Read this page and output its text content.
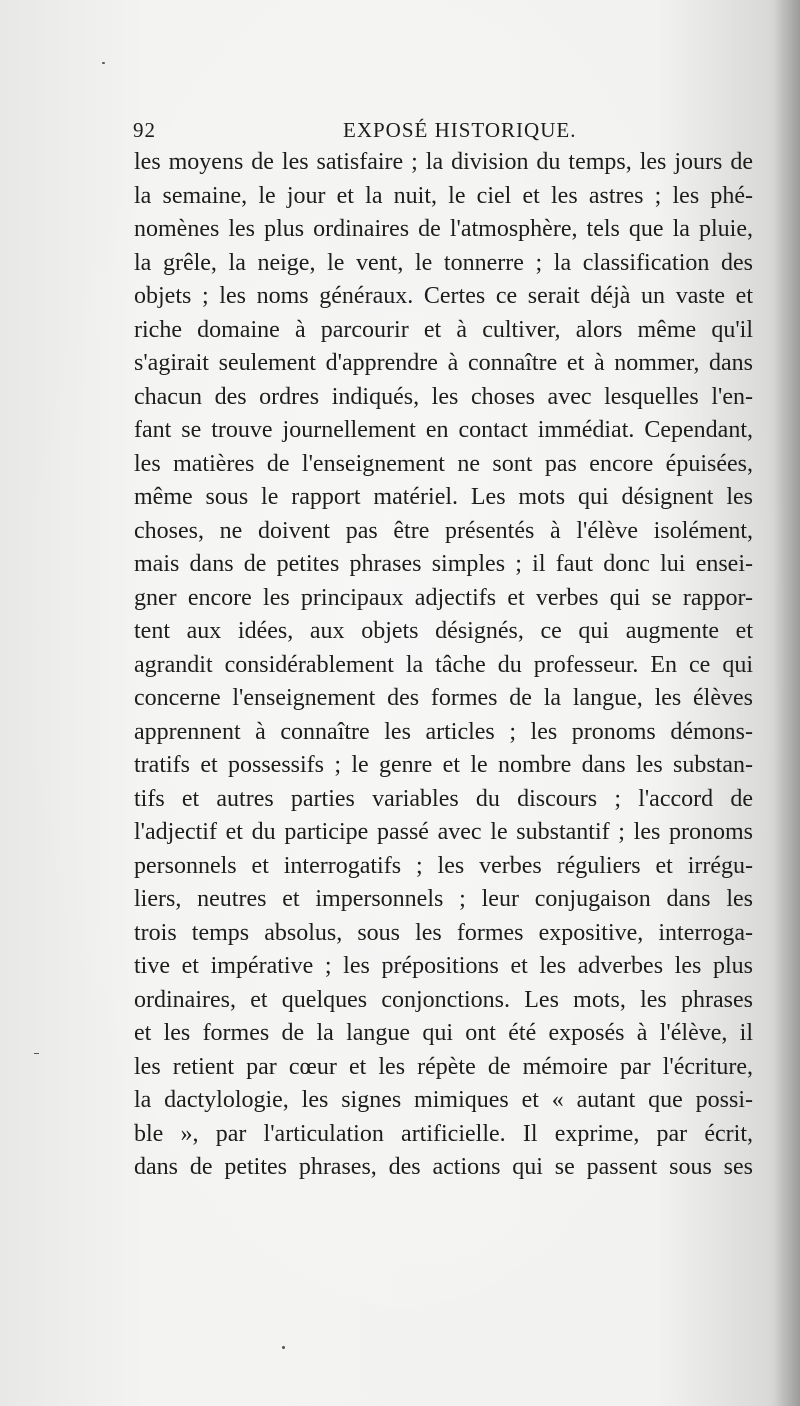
92	EXPOSÉ HISTORIQUE.
les moyens de les satisfaire ; la division du temps, les jours de
la semaine, le jour et la nuit, le ciel et les astres ; les phé-
nomènes les plus ordinaires de l'atmosphère, tels que la pluie,
la grêle, la neige, le vent, le tonnerre ; la classification des
objets ; les noms généraux. Certes ce serait déjà un vaste et
riche domaine à parcourir et à cultiver, alors même qu'il
s'agirait seulement d'apprendre à connaître et à nommer, dans
chacun des ordres indiqués, les choses avec lesquelles l'en-
fant se trouve journellement en contact immédiat. Cependant,
les matières de l'enseignement ne sont pas encore épuisées,
même sous le rapport matériel. Les mots qui désignent les
choses, ne doivent pas être présentés à l'élève isolément,
mais dans de petites phrases simples ; il faut donc lui ensei-
gner encore les principaux adjectifs et verbes qui se rappor-
tent aux idées, aux objets désignés, ce qui augmente et
agrandit considérablement la tâche du professeur. En ce qui
concerne l'enseignement des formes de la langue, les élèves
apprennent à connaître les articles ; les pronoms démons-
tratifs et possessifs ; le genre et le nombre dans les substan-
tifs et autres parties variables du discours ; l'accord de
l'adjectif et du participe passé avec le substantif ; les pronoms
personnels et interrogatifs ; les verbes réguliers et irrégu-
liers, neutres et impersonnels ; leur conjugaison dans les
trois temps absolus, sous les formes expositive, interroga-
tive et impérative ; les prépositions et les adverbes les plus
ordinaires, et quelques conjonctions. Les mots, les phrases
et les formes de la langue qui ont été exposés à l'élève, il
les retient par cœur et les répète de mémoire par l'écriture,
la dactylologie, les signes mimiques et « autant que possi-
ble », par l'articulation artificielle. Il exprime, par écrit,
dans de petites phrases, des actions qui se passent sous ses
